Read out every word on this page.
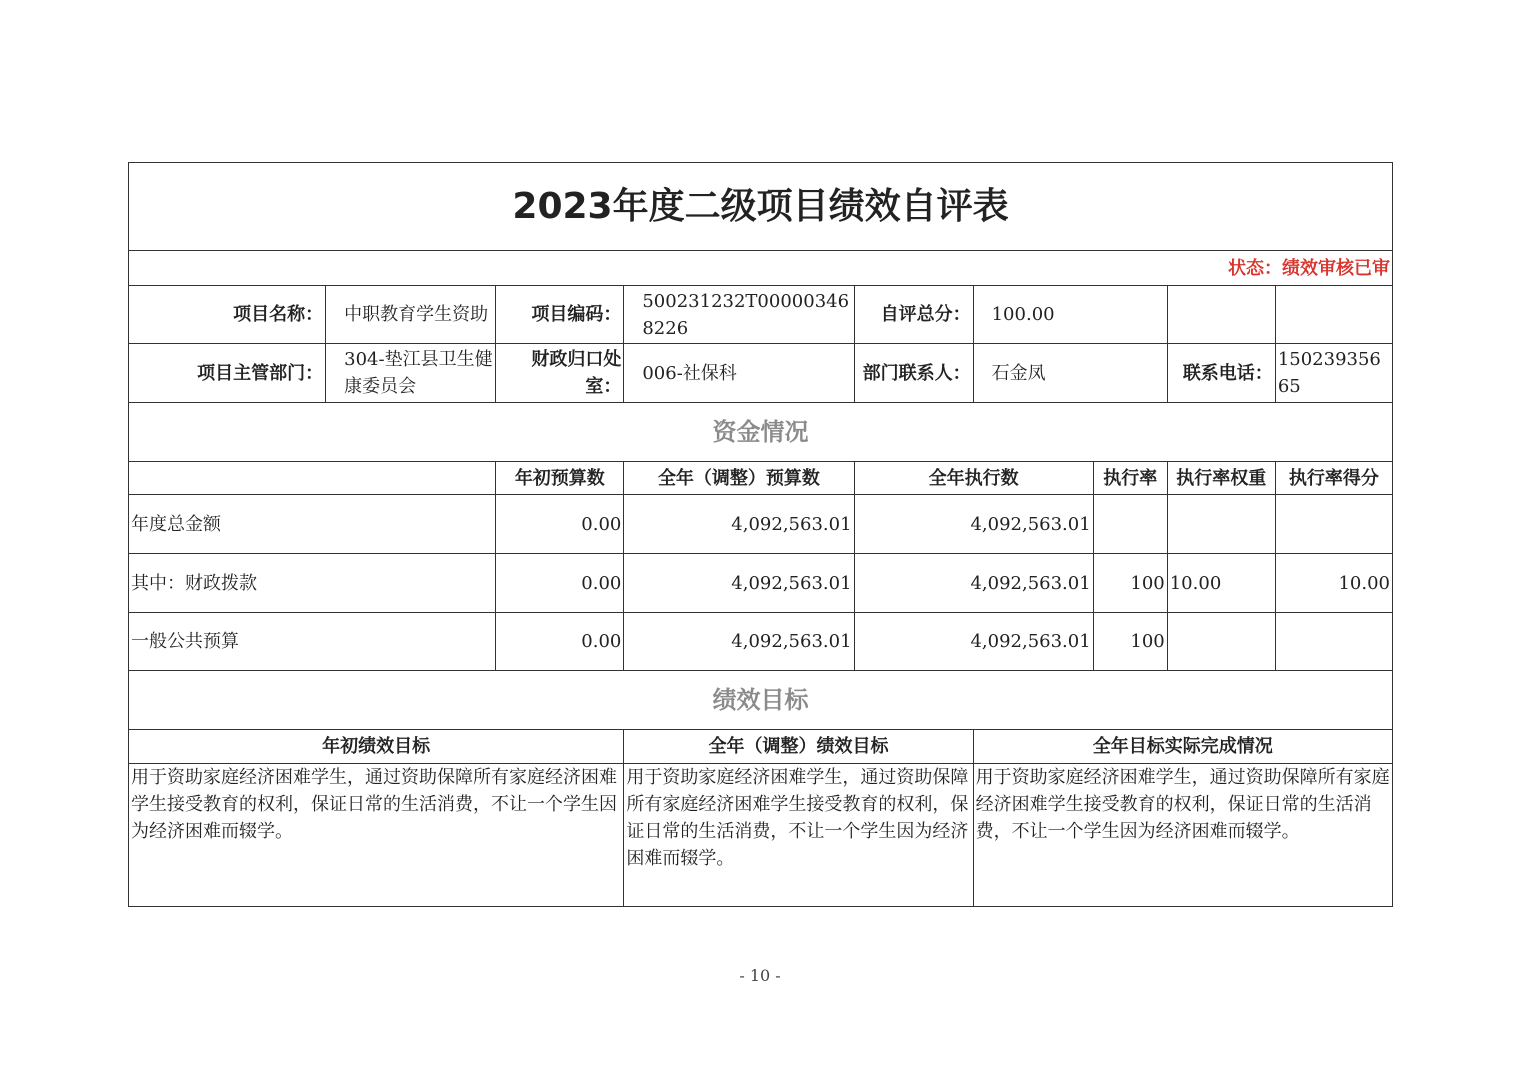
2023年度二级项目绩效自评表								
状态：绩效审核已审								
项目名称：	中职教育学生资助	项目编码：	500231232T000003468226	自评总分：	100.00			
项目主管部门：	304-垫江县卫生健康委员会	财政归口处室：	006-社保科	部门联系人：	石金凤		联系电话：	15023935665
资金情况								
		年初预算数	全年（调整）预算数	全年执行数		执行率	执行率权重	执行率得分
年度总金额		0.00	4,092,563.01	4,092,563.01				
其中：财政拨款		0.00	4,092,563.01	4,092,563.01		100	10.00	10.00
一般公共预算		0.00	4,092,563.01	4,092,563.01		100		
绩效目标								
年初绩效目标			全年（调整）绩效目标		全年目标实际完成情况			
用于资助家庭经济困难学生，通过资助保障所有家庭经济困难学生接受教育的权利，保证日常的生活消费，不让一个学生因为经济困难而辍学。			用于资助家庭经济困难学生，通过资助保障所有家庭经济困难学生接受教育的权利，保证日常的生活消费，不让一个学生因为经济困难而辍学。		用于资助家庭经济困难学生，通过资助保障所有家庭经济困难学生接受教育的权利，保证日常的生活消费，不让一个学生因为经济困难而辍学。			
- 10 -
